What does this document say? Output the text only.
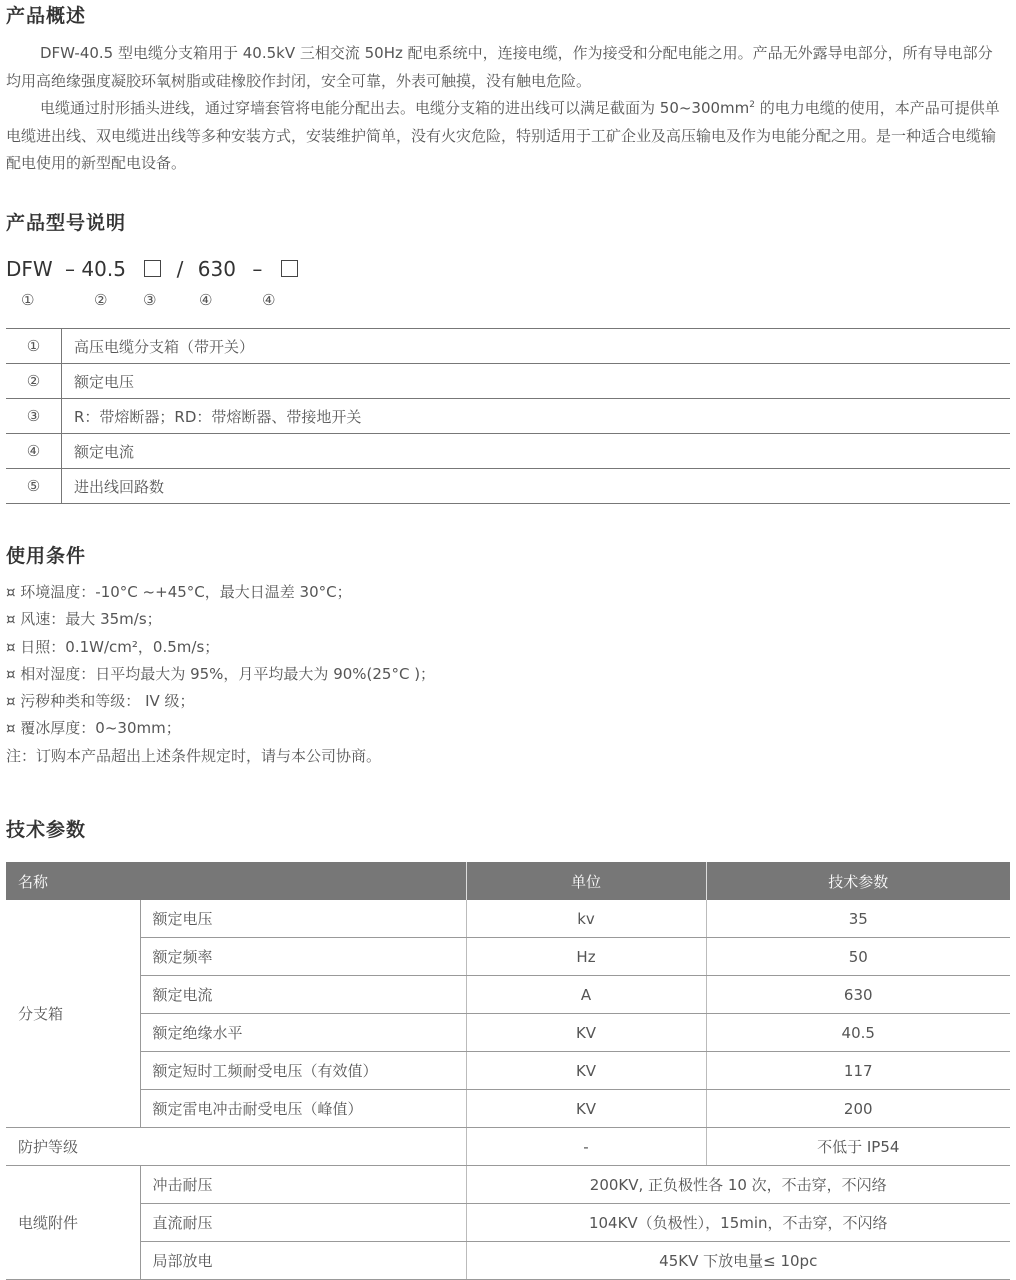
产品概述

DFW-40.5 型电缆分支箱用于 40.5kV 三相交流 50Hz 配电系统中，连接电缆，作为接受和分配电能之用。产品无外露导电部分，所有导电部分均用高绝缘强度凝胶环氧树脂或硅橡胶作封闭，安全可靠，外表可触摸，没有触电危险。

电缆通过肘形插头进线，通过穿墙套管将电能分配出去。电缆分支箱的进出线可以满足截面为 $50\sim 300mm^2$ 的电力电缆的使用，本产品可提供单电缆进出线、双电缆进出线等多种安装方式，安装维护简单，没有火灾危险，特别适用于工矿企业及高压输电及作为电能分配之用。是一种适合电缆输配电使用的新型配电设备。

产品型号说明
DFW – 40.5	/ 630 –
①	② ③	④	④
①	高压电缆分支箱（带开关）
②	额定电压
③	R：带熔断器；RD：带熔断器、带接地开关
④	额定电流
⑤	进出线回路数
使用条件
¤ 环境温度：-10°C ~+45°C，最大日温差 30°C；
¤ 风速：最大 35m/s；
¤ 日照：0.1W/cm²，0.5m/s；
¤ 相对湿度：日平均最大为 95%，月平均最大为 90%(25°C )；
¤ 污秽种类和等级： IV 级；
¤ 覆冰厚度：0~30mm；
注：订购本产品超出上述条件规定时，请与本公司协商。
技术参数
名称		单位	技术参数
分支箱	额定电压	kv	35
	额定频率	Hz	50
	额定电流	A	630
	额定绝缘水平	KV	40.5
	额定短时工频耐受电压（有效值）	KV	117
	额定雷电冲击耐受电压（峰值）	KV	200
防护等级		-	不低于 IP54
电缆附件	冲击耐压	200KV, 正负极性各 10 次，不击穿，不闪络	
	直流耐压	104KV（负极性），15min，不击穿，不闪络	
	局部放电	45KV 下放电量≤ 10pc	
